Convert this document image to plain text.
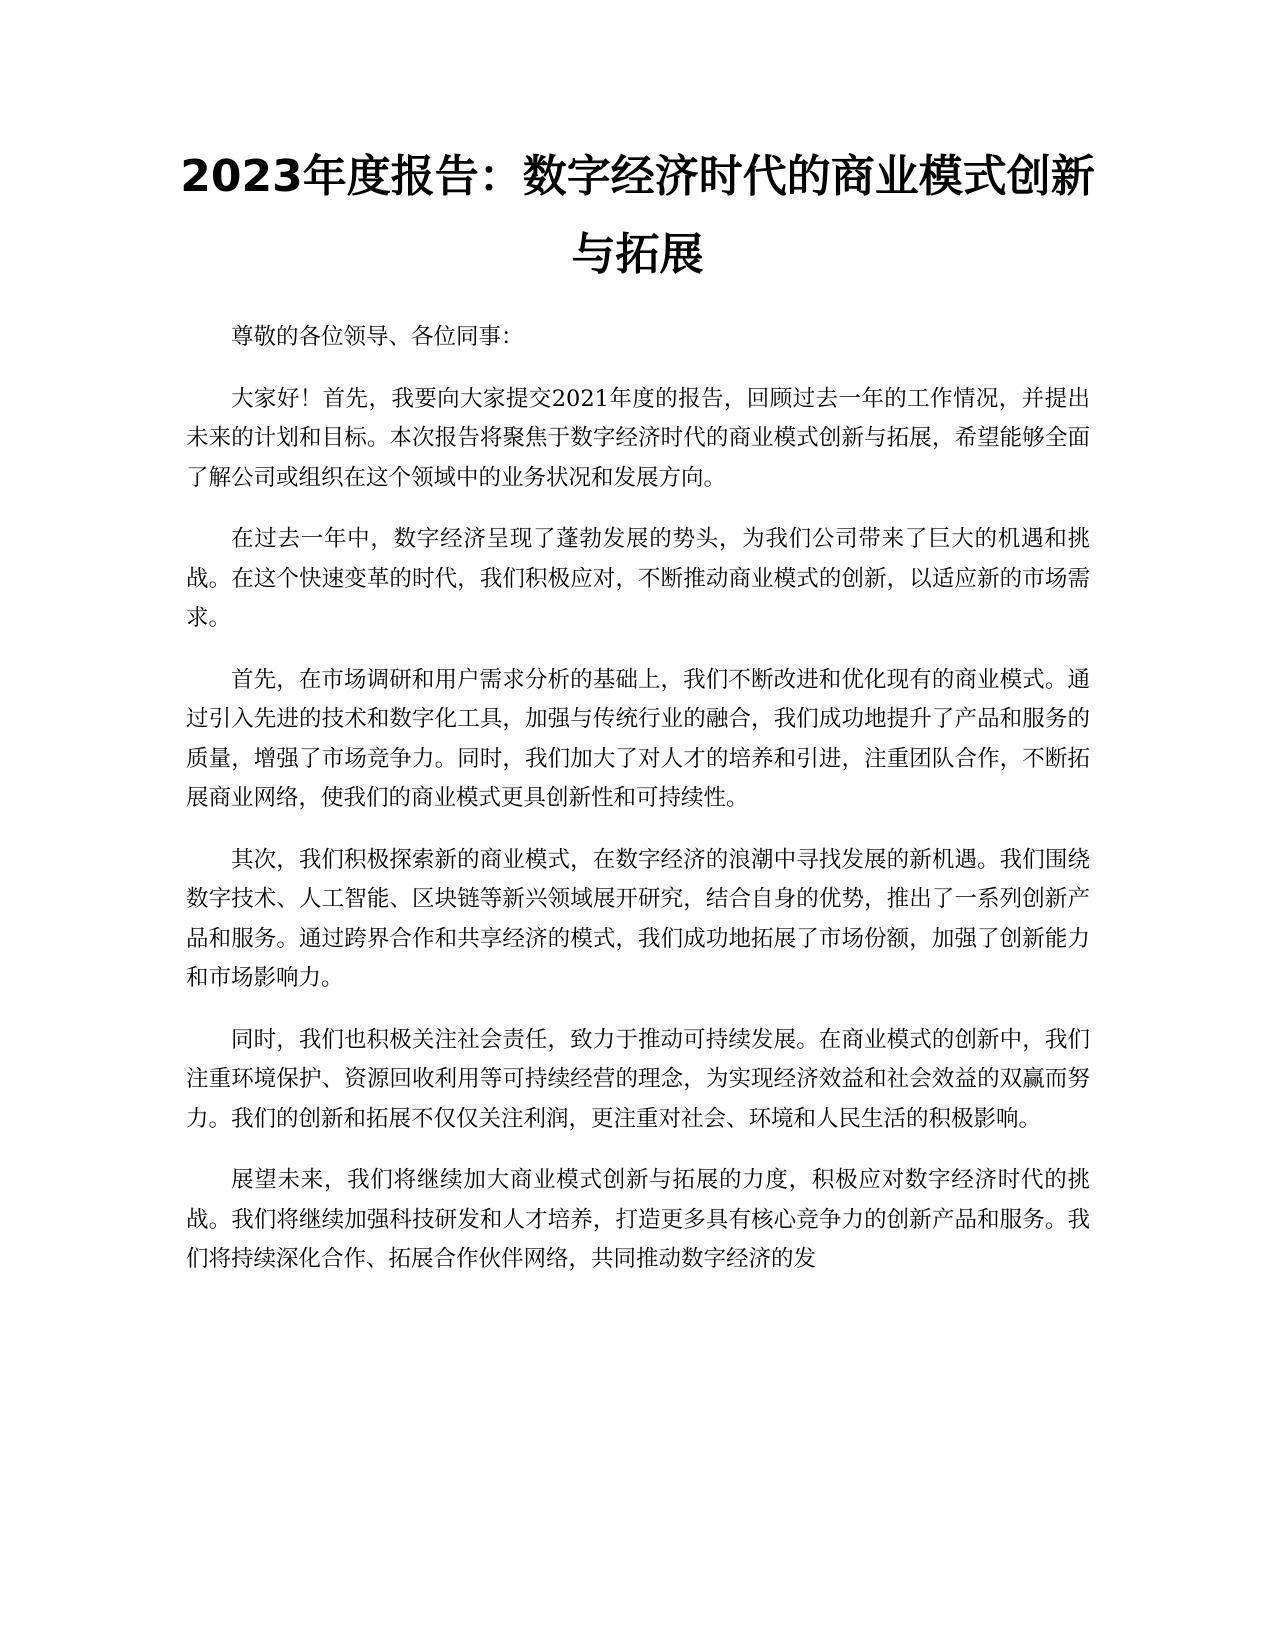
2023年度报告：数字经济时代的商业模式创新与拓展

尊敬的各位领导、各位同事：

大家好！首先，我要向大家提交2021年度的报告，回顾过去一年的工作情况，并提出未来的计划和目标。本次报告将聚焦于数字经济时代的商业模式创新与拓展，希望能够全面了解公司或组织在这个领域中的业务状况和发展方向。

在过去一年中，数字经济呈现了蓬勃发展的势头，为我们公司带来了巨大的机遇和挑战。在这个快速变革的时代，我们积极应对，不断推动商业模式的创新，以适应新的市场需求。

首先，在市场调研和用户需求分析的基础上，我们不断改进和优化现有的商业模式。通过引入先进的技术和数字化工具，加强与传统行业的融合，我们成功地提升了产品和服务的质量，增强了市场竞争力。同时，我们加大了对人才的培养和引进，注重团队合作，不断拓展商业网络，使我们的商业模式更具创新性和可持续性。

其次，我们积极探索新的商业模式，在数字经济的浪潮中寻找发展的新机遇。我们围绕数字技术、人工智能、区块链等新兴领域展开研究，结合自身的优势，推出了一系列创新产品和服务。通过跨界合作和共享经济的模式，我们成功地拓展了市场份额，加强了创新能力和市场影响力。

同时，我们也积极关注社会责任，致力于推动可持续发展。在商业模式的创新中，我们注重环境保护、资源回收利用等可持续经营的理念，为实现经济效益和社会效益的双赢而努力。我们的创新和拓展不仅仅关注利润，更注重对社会、环境和人民生活的积极影响。

展望未来，我们将继续加大商业模式创新与拓展的力度，积极应对数字经济时代的挑战。我们将继续加强科技研发和人才培养，打造更多具有核心竞争力的创新产品和服务。我们将持续深化合作、拓展合作伙伴网络，共同推动数字经济的发
